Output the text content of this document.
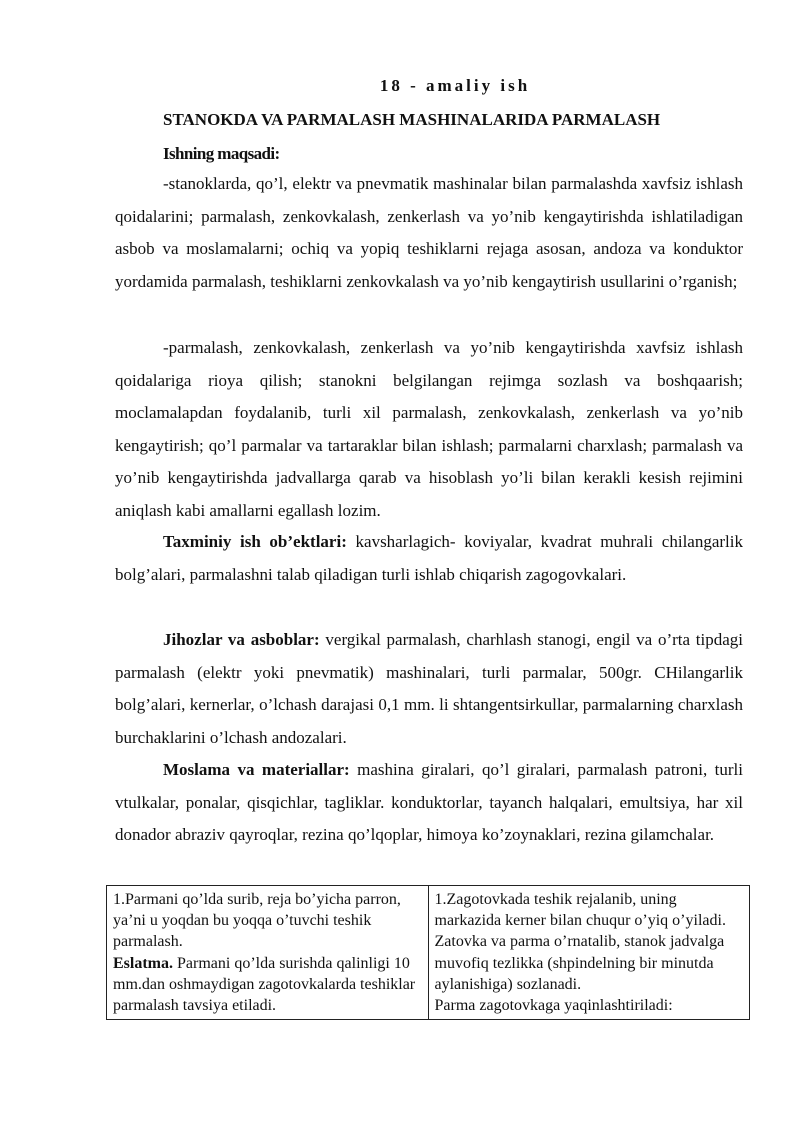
18 - amaliy ish
STANOKDA VA PARMALASH MASHINALARIDA PARMALASH
Ishning maqsadi:

-stanoklarda, qo’l, elektr va pnevmatik mashinalar bilan parmalashda xavfsiz ishlash qoidalarini; parmalash, zenkovkalash, zenkerlash va yo’nib kengaytirishda ishlatiladigan asbob va moslamalarni; ochiq va yopiq teshiklarni rejaga asosan, andoza va konduktor yordamida parmalash, teshiklarni zenkovkalash va yo’nib kengaytirish usullarini o’rganish;

-parmalash, zenkovkalash, zenkerlash va yo’nib kengaytirishda xavfsiz ishlash qoidalariga rioya qilish; stanokni belgilangan rejimga sozlash va boshqaarish; moclamalapdan foydalanib, turli xil parmalash, zenkovkalash, zenkerlash va yo’nib kengaytirish; qo’l parmalar va tartaraklar bilan ishlash; parmalarni charxlash; parmalash va yo’nib kengaytirishda jadvallarga qarab va hisoblash yo’li bilan kerakli kesish rejimini aniqlash kabi amallarni egallash lozim.

Taxminiy ish ob’ektlari: kavsharlagich- koviyalar, kvadrat muhrali chilangarlik bolg’alari, parmalashni talab qiladigan turli ishlab chiqarish zagogovkalari.

Jihozlar va asboblar: vergikal parmalash, charhlash stanogi, engil va o’rta tipdagi parmalash (elektr yoki pnevmatik) mashinalari, turli parmalar, 500gr. CHilangarlik bolg’alari, kernerlar, o’lchash darajasi 0,1 mm. li shtangentsirkullar, parmalarning charxlash burchaklarini o’lchash andozalari.

Moslama va materiallar: mashina giralari, qo’l giralari, parmalash patroni, turli vtulkalar, ponalar, qisqichlar, tagliklar. konduktorlar, tayanch halqalari, emultsiya, har xil donador abraziv qayroqlar, rezina qo’lqoplar, himoya ko’zoynaklari, rezina gilamchalar.

1.Parmani qo’lda surib, reja bo’yicha parron, ya’ni u yoqdan bu yoqqa o’tuvchi teshik parmalash.
Eslatma. Parmani qo’lda surishda qalinligi 10 mm.dan oshmaydigan zagotovkalarda teshiklar parmalash tavsiya etiladi.	1.Zagotovkada teshik rejalanib, uning markazida kerner bilan chuqur o’yiq o’yiladi. Zatovka va parma o’rnatalib, stanok jadvalga muvofiq tezlikka (shpindelning bir minutda aylanishiga) sozlanadi.
Parma zagotovkaga yaqinlashtiriladi:
